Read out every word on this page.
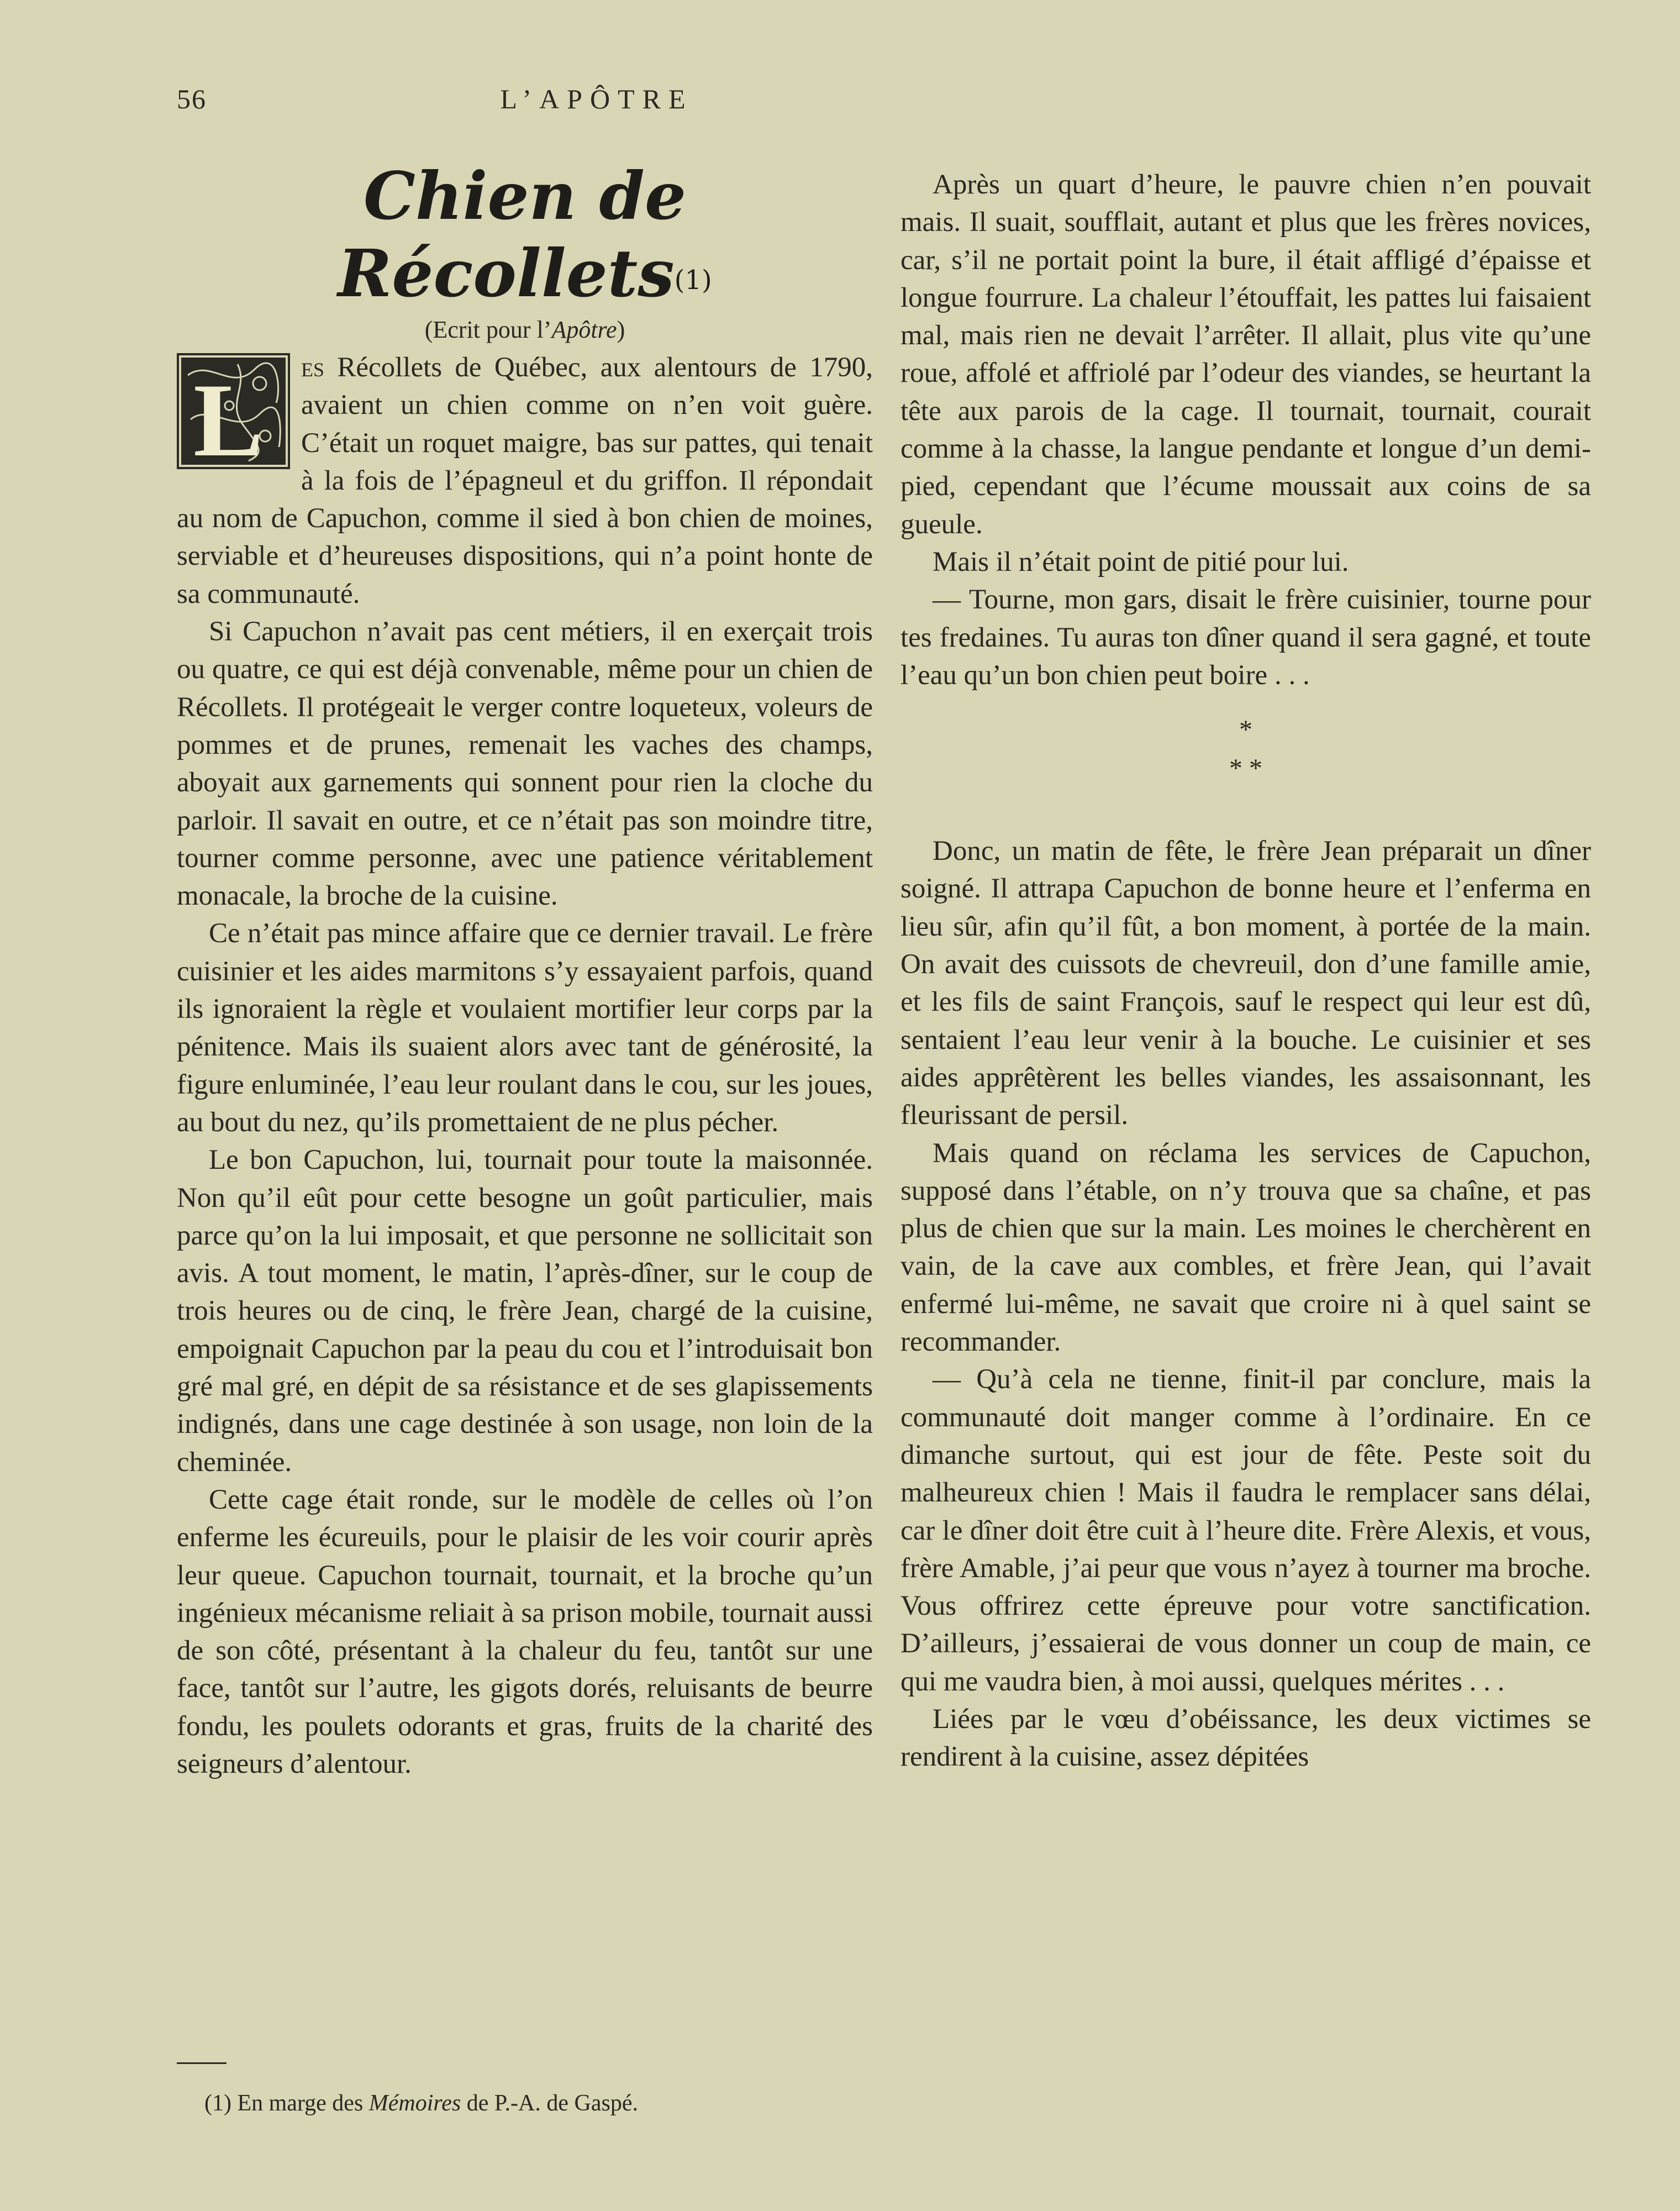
56	L’APÔTRE
Chien de Récollets$^{(1)}$
(Ecrit pour l’Apôtre)

L es Récollets de Québec, aux alentours de 1790, avaient un chien comme on n’en voit guère. C’était un roquet maigre, bas sur pattes, qui tenait à la fois de l’épagneul et du griffon. Il répondait au nom de Capuchon, comme il sied à bon chien de moines, serviable et d’heureuses dispositions, qui n’a point honte de sa communauté.

Si Capuchon n’avait pas cent métiers, il en exerçait trois ou quatre, ce qui est déjà convenable, même pour un chien de Récollets. Il protégeait le verger contre loqueteux, voleurs de pommes et de prunes, remenait les vaches des champs, aboyait aux garnements qui sonnent pour rien la cloche du parloir. Il savait en outre, et ce n’était pas son moindre titre, tourner comme personne, avec une patience véritablement monacale, la broche de la cuisine.

Ce n’était pas mince affaire que ce dernier travail. Le frère cuisinier et les aides marmitons s’y essayaient parfois, quand ils ignoraient la règle et voulaient mortifier leur corps par la pénitence. Mais ils suaient alors avec tant de générosité, la figure enluminée, l’eau leur roulant dans le cou, sur les joues, au bout du nez, qu’ils promettaient de ne plus pécher.

Le bon Capuchon, lui, tournait pour toute la maisonnée. Non qu’il eût pour cette besogne un goût particulier, mais parce qu’on la lui imposait, et que personne ne sollicitait son avis. A tout moment, le matin, l’après-dîner, sur le coup de trois heures ou de cinq, le frère Jean, chargé de la cuisine, empoignait Capuchon par la peau du cou et l’introduisait bon gré mal gré, en dépit de sa résistance et de ses glapissements indignés, dans une cage destinée à son usage, non loin de la cheminée.

Cette cage était ronde, sur le modèle de celles où l’on enferme les écureuils, pour le plaisir de les voir courir après leur queue. Capuchon tournait, tournait, et la broche qu’un ingénieux mécanisme reliait à sa prison mobile, tournait aussi de son côté, présentant à la chaleur du feu, tantôt sur une face, tantôt sur l’autre, les gigots dorés, reluisants de beurre fondu, les poulets odorants et gras, fruits de la charité des seigneurs d’alentour.

Après un quart d’heure, le pauvre chien n’en pouvait mais. Il suait, soufflait, autant et plus que les frères novices, car, s’il ne portait point la bure, il était affligé d’épaisse et longue fourrure. La chaleur l’étouffait, les pattes lui faisaient mal, mais rien ne devait l’arrêter. Il allait, plus vite qu’une roue, affolé et affriolé par l’odeur des viandes, se heurtant la tête aux parois de la cage. Il tournait, tournait, courait comme à la chasse, la langue pendante et longue d’un demi-pied, cependant que l’écume moussait aux coins de sa gueule.

Mais il n’était point de pitié pour lui.

— Tourne, mon gars, disait le frère cuisinier, tourne pour tes fredaines. Tu auras ton dîner quand il sera gagné, et toute l’eau qu’un bon chien peut boire . . .

*
* *

Donc, un matin de fête, le frère Jean préparait un dîner soigné. Il attrapa Capuchon de bonne heure et l’enferma en lieu sûr, afin qu’il fût, a bon moment, à portée de la main. On avait des cuissots de chevreuil, don d’une famille amie, et les fils de saint François, sauf le respect qui leur est dû, sentaient l’eau leur venir à la bouche. Le cuisinier et ses aides apprêtèrent les belles viandes, les assaisonnant, les fleurissant de persil.

Mais quand on réclama les services de Capuchon, supposé dans l’étable, on n’y trouva que sa chaîne, et pas plus de chien que sur la main. Les moines le cherchèrent en vain, de la cave aux combles, et frère Jean, qui l’avait enfermé lui-même, ne savait que croire ni à quel saint se recommander.

— Qu’à cela ne tienne, finit-il par conclure, mais la communauté doit manger comme à l’ordinaire. En ce dimanche surtout, qui est jour de fête. Peste soit du malheureux chien ! Mais il faudra le remplacer sans délai, car le dîner doit être cuit à l’heure dite. Frère Alexis, et vous, frère Amable, j’ai peur que vous n’ayez à tourner ma broche. Vous offrirez cette épreuve pour votre sanctification. D’ailleurs, j’essaierai de vous donner un coup de main, ce qui me vaudra bien, à moi aussi, quelques mérites . . .

Liées par le vœu d’obéissance, les deux victimes se rendirent à la cuisine, assez dépitées

(1) En marge des Mémoires de P.-A. de Gaspé.
